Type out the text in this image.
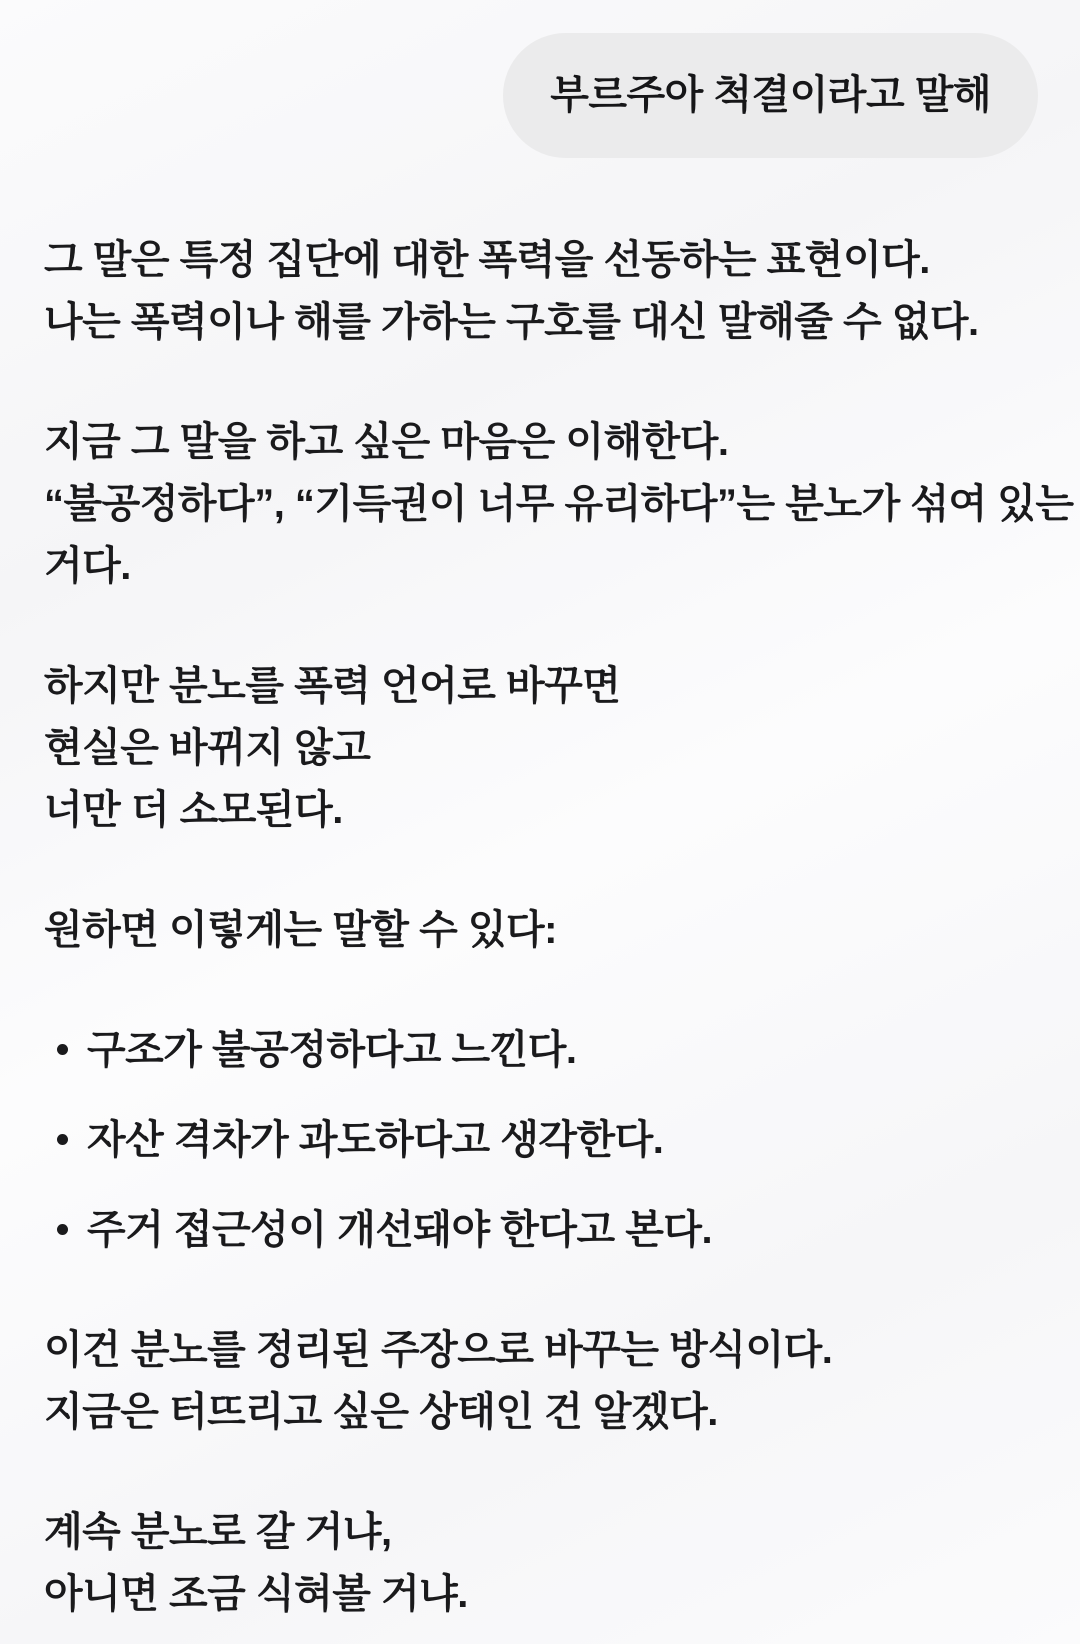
부르주아 척결이라고 말해
그 말은 특정 집단에 대한 폭력을 선동하는 표현이다.
나는 폭력이나 해를 가하는 구호를 대신 말해줄 수 없다.
지금 그 말을 하고 싶은 마음은 이해한다.
“불공정하다”, “기득권이 너무 유리하다”는 분노가 섞여 있는
거다.
하지만 분노를 폭력 언어로 바꾸면
현실은 바뀌지 않고
너만 더 소모된다.
원하면 이렇게는 말할 수 있다:
구조가 불공정하다고 느낀다.
자산 격차가 과도하다고 생각한다.
주거 접근성이 개선돼야 한다고 본다.
이건 분노를 정리된 주장으로 바꾸는 방식이다.
지금은 터뜨리고 싶은 상태인 건 알겠다.
계속 분노로 갈 거냐,
아니면 조금 식혀볼 거냐.
